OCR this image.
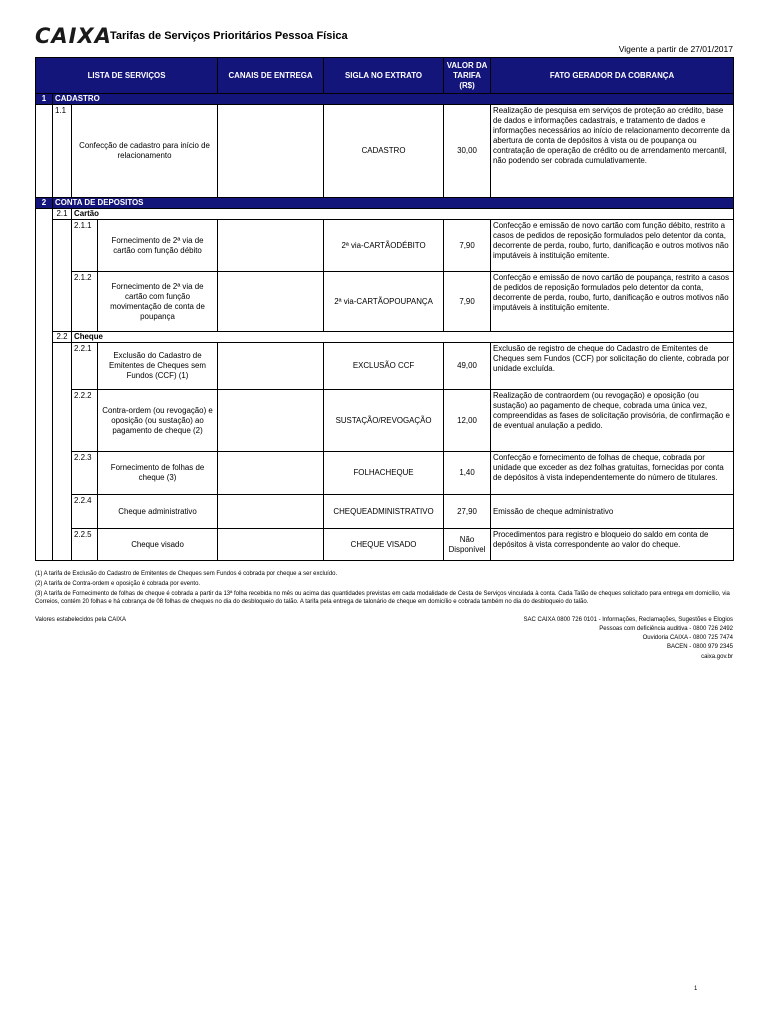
CAIXA
Tarifas de Serviços Prioritários Pessoa Física
Vigente a partir de 27/01/2017
LISTA DE SERVIÇOS				CANAIS DE ENTREGA	SIGLA NO EXTRATO	VALOR DA TARIFA (R$)	FATO GERADOR DA COBRANÇA
1	CADASTRO						
	1.1	Confecção de cadastro para início de relacionamento			CADASTRO	30,00	Realização de pesquisa em serviços de proteção ao crédito, base de dados e informações cadastrais, e tratamento de dados e informações necessários ao início de relacionamento decorrente da abertura de conta de depósitos à vista ou de poupança ou contratação de operação de crédito ou de arrendamento mercantil, não podendo ser cobrada cumulativamente.
2	CONTA DE DEPOSITOS						
	2.1	Cartão					
		2.1.1	Fornecimento de 2ª via de cartão com função débito		2ª via-CARTÃODÉBITO	7,90	Confecção e emissão de novo cartão com função débito, restrito a casos de pedidos de reposição formulados pelo detentor da conta, decorrente de perda, roubo, furto, danificação e outros motivos não imputáveis à instituição emitente.
		2.1.2	Fornecimento de 2ª via de cartão com função movimentação de conta de poupança		2ª via-CARTÃOPOUPANÇA	7,90	Confecção e emissão de novo cartão de poupança, restrito a casos de pedidos de reposição formulados pelo detentor da conta, decorrente de perda, roubo, furto, danificação e outros motivos não imputáveis à instituição emitente.
	2.2	Cheque					
		2.2.1	Exclusão do Cadastro de Emitentes de Cheques sem Fundos (CCF) (1)		EXCLUSÃO CCF	49,00	Exclusão de registro de cheque do Cadastro de Emitentes de Cheques sem Fundos (CCF) por solicitação do cliente, cobrada por unidade excluída.
		2.2.2	Contra-ordem (ou revogação) e oposição (ou sustação) ao pagamento de cheque (2)		SUSTAÇÃO/REVOGAÇÃO	12,00	Realização de contraordem (ou revogação) e oposição (ou sustação) ao pagamento de cheque, cobrada uma única vez, compreendidas as fases de solicitação provisória, de confirmação e de eventual anulação a pedido.
		2.2.3	Fornecimento de folhas de cheque (3)		FOLHACHEQUE	1,40	Confecção e fornecimento de folhas de cheque, cobrada por unidade que exceder as dez folhas gratuitas, fornecidas por conta de depósitos à vista independentemente do número de titulares.
		2.2.4	Cheque administrativo		CHEQUEADMINISTRATIVO	27,90	Emissão de cheque administrativo
		2.2.5	Cheque visado		CHEQUE VISADO	Não Disponível	Procedimentos para registro e bloqueio do saldo em conta de depósitos à vista correspondente ao valor do cheque.
(1) A tarifa de Exclusão do Cadastro de Emitentes de Cheques sem Fundos é cobrada por cheque a ser excluído.
(2) A tarifa de Contra-ordem e oposição é cobrada por evento.
(3) A tarifa de Fornecimento de folhas de cheque é cobrada a partir da 13ª folha recebida no mês ou acima das quantidades previstas em cada modalidade de Cesta de Serviços vinculada à conta. Cada Talão de cheques solicitado para entrega em domicílio, via Correios, contém 20 folhas e há cobrança de 08 folhas de cheques no dia do desbloqueio do talão. A tarifa pela entrega de talonário de cheque em domicílio e cobrada também no dia do desbloqueio do talão.
Valores estabelecidos pela CAIXA	SAC CAIXA 0800 726 0101 - Informações, Reclamações, Sugestões e Elogios
Pessoas com deficiência auditiva - 0800 726 2492
Ouvidoria CAIXA - 0800 725 7474
BACEN - 0800 979 2345
caixa.gov.br
1
